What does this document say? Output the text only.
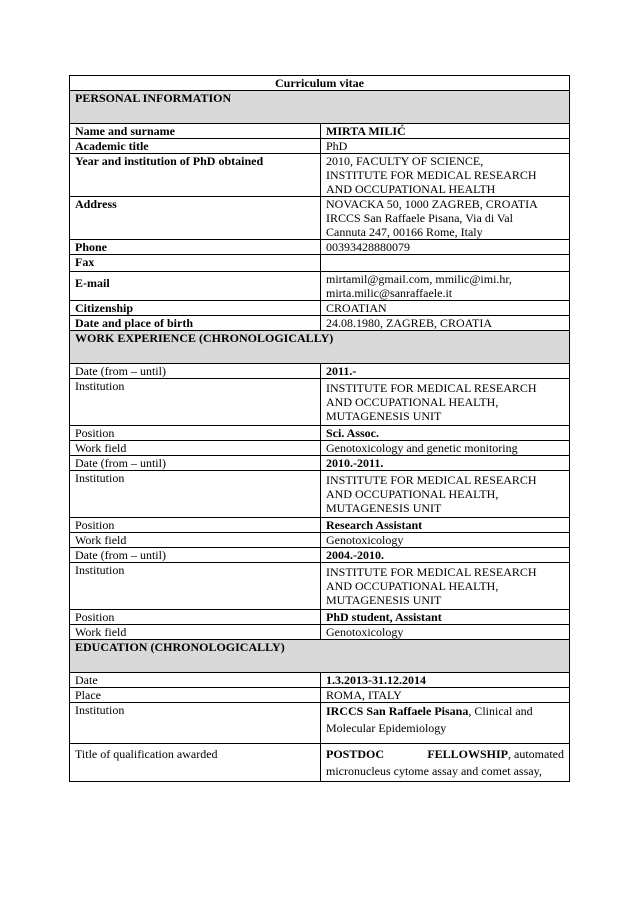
Curriculum vitae	
PERSONAL INFORMATION	
Name and surname	MIRTA MILIĆ

Academic title	PhD

Year and institution of PhD obtained	2010, FACULTY OF SCIENCE,
INSTITUTE FOR MEDICAL RESEARCH
AND OCCUPATIONAL HEALTH

Address	NOVACKA 50, 1000 ZAGREB, CROATIA
IRCCS San Raffaele Pisana, Via di Val
Cannuta 247, 00166 Rome, Italy

Phone	00393428880079

Fax	

E-mail	mirtamil@gmail.com, mmilic@imi.hr,
mirta.milic@sanraffaele.it

Citizenship	CROATIAN

Date and place of birth	24.08.1980, ZAGREB, CROATIA

WORK EXPERIENCE (CHRONOLOGICALLY)	
Date (from – until)	2011.-
Institution	INSTITUTE FOR MEDICAL RESEARCH
AND OCCUPATIONAL HEALTH,
MUTAGENESIS UNIT

Position	Sci. Assoc.
Work field	Genotoxicology and genetic monitoring
Date (from – until)	2010.-2011.
Institution	INSTITUTE FOR MEDICAL RESEARCH
AND OCCUPATIONAL HEALTH,
MUTAGENESIS UNIT

Position	Research Assistant
Work field	Genotoxicology
Date (from – until)	2004.-2010.
Institution	INSTITUTE FOR MEDICAL RESEARCH
AND OCCUPATIONAL HEALTH,
MUTAGENESIS UNIT

Position	PhD student, Assistant
Work field	Genotoxicology
EDUCATION (CHRONOLOGICALLY)	
Date	1.3.2013-31.12.2014
Place	ROMA, ITALY
Institution	IRCCS San Raffaele Pisana, Clinical and
Molecular Epidemiology

Title of qualification awarded	POSTDOC FELLOWSHIP, automated
micronucleus cytome assay and comet assay,
